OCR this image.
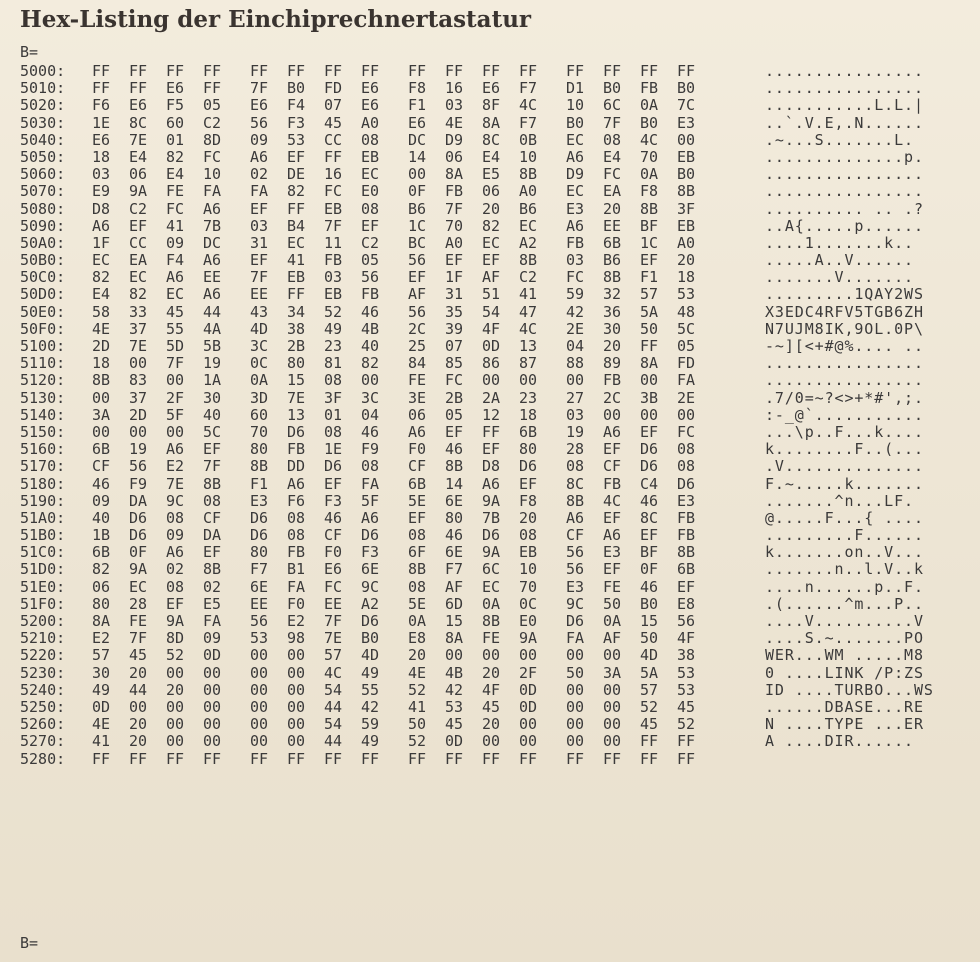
Hex-Listing der Einchiprechnertastatur
B=
5000: FF	FF	FF	FF	FF	FF	FF	FF	FF	FF	FF	FF	FF	FF	FF	FF	................
5010: FF	FF	E6	FF	7F	B0	FD	E6	F8	16	E6	F7	D1	B0	FB	B0	................
5020: F6	E6	F5	05	E6	F4	07	E6	F1	03	8F	4C	10	6C	0A	7C	...........L.L.|
5030: 1E	8C	60	C2	56	F3	45	A0	E6	4E	8A	F7	B0	7F	B0	E3	..`.V.E,.N......
5040: E6	7E	01	8D	09	53	CC	08	DC	D9	8C	0B	EC	08	4C	00	.~...S.......L.
5050: 18	E4	82	FC	A6	EF	FF	EB	14	06	E4	10	A6	E4	70	EB	..............p.
5060: 03	06	E4	10	02	DE	16	EC	00	8A	E5	8B	D9	FC	0A	B0	................
5070: E9	9A	FE	FA	FA	82	FC	E0	0F	FB	06	A0	EC	EA	F8	8B	................
5080: D8	C2	FC	A6	EF	FF	EB	08	B6	7F	20	B6	E3	20	8B	3F	.......... .. .?
5090: A6	EF	41	7B	03	B4	7F	EF	1C	70	82	EC	A6	EE	BF	EB	..A{.....p......
50A0: 1F	CC	09	DC	31	EC	11	C2	BC	A0	EC	A2	FB	6B	1C	A0	....1.......k..
50B0: EC	EA	F4	A6	EF	41	FB	05	56	EF	EF	8B	03	B6	EF	20	.....A..V......
50C0: 82	EC	A6	EE	7F	EB	03	56	EF	1F	AF	C2	FC	8B	F1	18	.......V.......
50D0: E4	82	EC	A6	EE	FF	EB	FB	AF	31	51	41	59	32	57	53	.........1QAY2WS
50E0: 58	33	45	44	43	34	52	46	56	35	54	47	42	36	5A	48	X3EDC4RFV5TGB6ZH
50F0: 4E	37	55	4A	4D	38	49	4B	2C	39	4F	4C	2E	30	50	5C	N7UJM8IK,9OL.0P\
5100: 2D	7E	5D	5B	3C	2B	23	40	25	07	0D	13	04	20	FF	05	-~][<+#@%.... ..
5110: 18	00	7F	19	0C	80	81	82	84	85	86	87	88	89	8A	FD	................
5120: 8B	83	00	1A	0A	15	08	00	FE	FC	00	00	00	FB	00	FA	................
5130: 00	37	2F	30	3D	7E	3F	3C	3E	2B	2A	23	27	2C	3B	2E	.7/0=~?<>+*#',;.
5140: 3A	2D	5F	40	60	13	01	04	06	05	12	18	03	00	00	00	:-_@`...........
5150: 00	00	00	5C	70	D6	08	46	A6	EF	FF	6B	19	A6	EF	FC	...\p..F...k....
5160: 6B	19	A6	EF	80	FB	1E	F9	F0	46	EF	80	28	EF	D6	08	k........F..(...
5170: CF	56	E2	7F	8B	DD	D6	08	CF	8B	D8	D6	08	CF	D6	08	.V..............
5180: 46	F9	7E	8B	F1	A6	EF	FA	6B	14	A6	EF	8C	FB	C4	D6	F.~.....k.......
5190: 09	DA	9C	08	E3	F6	F3	5F	5E	6E	9A	F8	8B	4C	46	E3	.......^n...LF.
51A0: 40	D6	08	CF	D6	08	46	A6	EF	80	7B	20	A6	EF	8C	FB	@.....F...{ ....
51B0: 1B	D6	09	DA	D6	08	CF	D6	08	46	D6	08	CF	A6	EF	FB	.........F......
51C0: 6B	0F	A6	EF	80	FB	F0	F3	6F	6E	9A	EB	56	E3	BF	8B	k.......on..V...
51D0: 82	9A	02	8B	F7	B1	E6	6E	8B	F7	6C	10	56	EF	0F	6B	.......n..l.V..k
51E0: 06	EC	08	02	6E	FA	FC	9C	08	AF	EC	70	E3	FE	46	EF	....n......p..F.
51F0: 80	28	EF	E5	EE	F0	EE	A2	5E	6D	0A	0C	9C	50	B0	E8	.(......^m...P..
5200: 8A	FE	9A	FA	56	E2	7F	D6	0A	15	8B	E0	D6	0A	15	56	....V..........V
5210: E2	7F	8D	09	53	98	7E	B0	E8	8A	FE	9A	FA	AF	50	4F	....S.~.......PO
5220: 57	45	52	0D	00	00	57	4D	20	00	00	00	00	00	4D	38	WER...WM .....M8
5230: 30	20	00	00	00	00	4C	49	4E	4B	20	2F	50	3A	5A	53	0 ....LINK /P:ZS
5240: 49	44	20	00	00	00	54	55	52	42	4F	0D	00	00	57	53	ID ....TURBO...WS
5250: 0D	00	00	00	00	00	44	42	41	53	45	0D	00	00	52	45	......DBASE...RE
5260: 4E	20	00	00	00	00	54	59	50	45	20	00	00	00	45	52	N ....TYPE ...ER
5270: 41	20	00	00	00	00	44	49	52	0D	00	00	00	00	FF	FF	A ....DIR......
5280: FF	FF	FF	FF	FF	FF	FF	FF	FF	FF	FF	FF	FF	FF	FF	FF
B=
